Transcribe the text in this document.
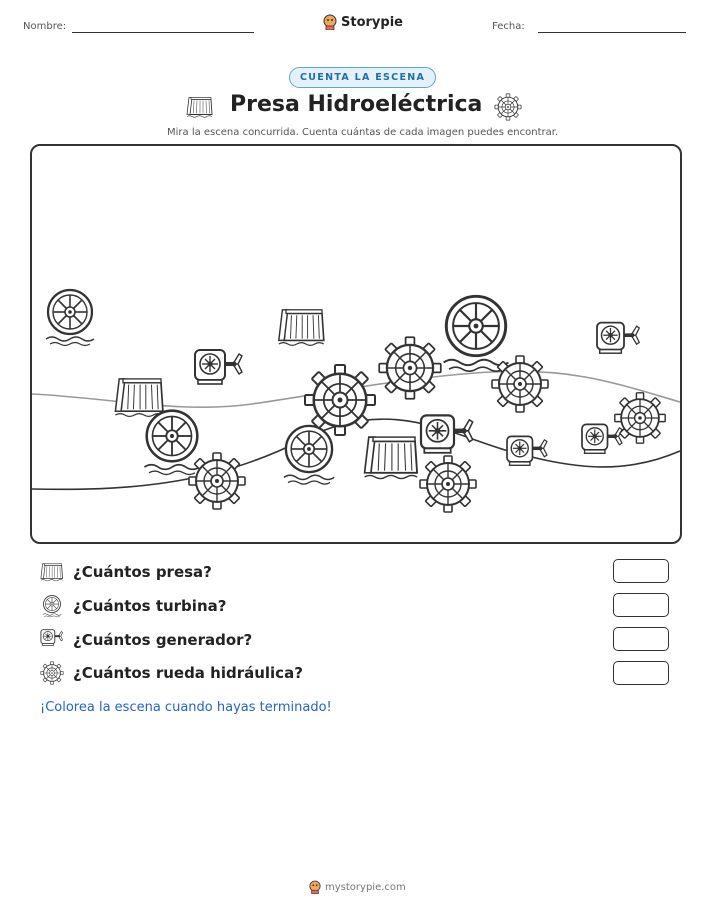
Nombre:	Storypie	Fecha:
CUENTA LA ESCENA
Presa Hidroeléctrica
Mira la escena concurrida. Cuenta cuántas de cada imagen puedes encontrar.
¿Cuántos presa?
¿Cuántos turbina?
¿Cuántos generador?
¿Cuántos rueda hidráulica?
¡Colorea la escena cuando hayas terminado!
mystorypie.com
